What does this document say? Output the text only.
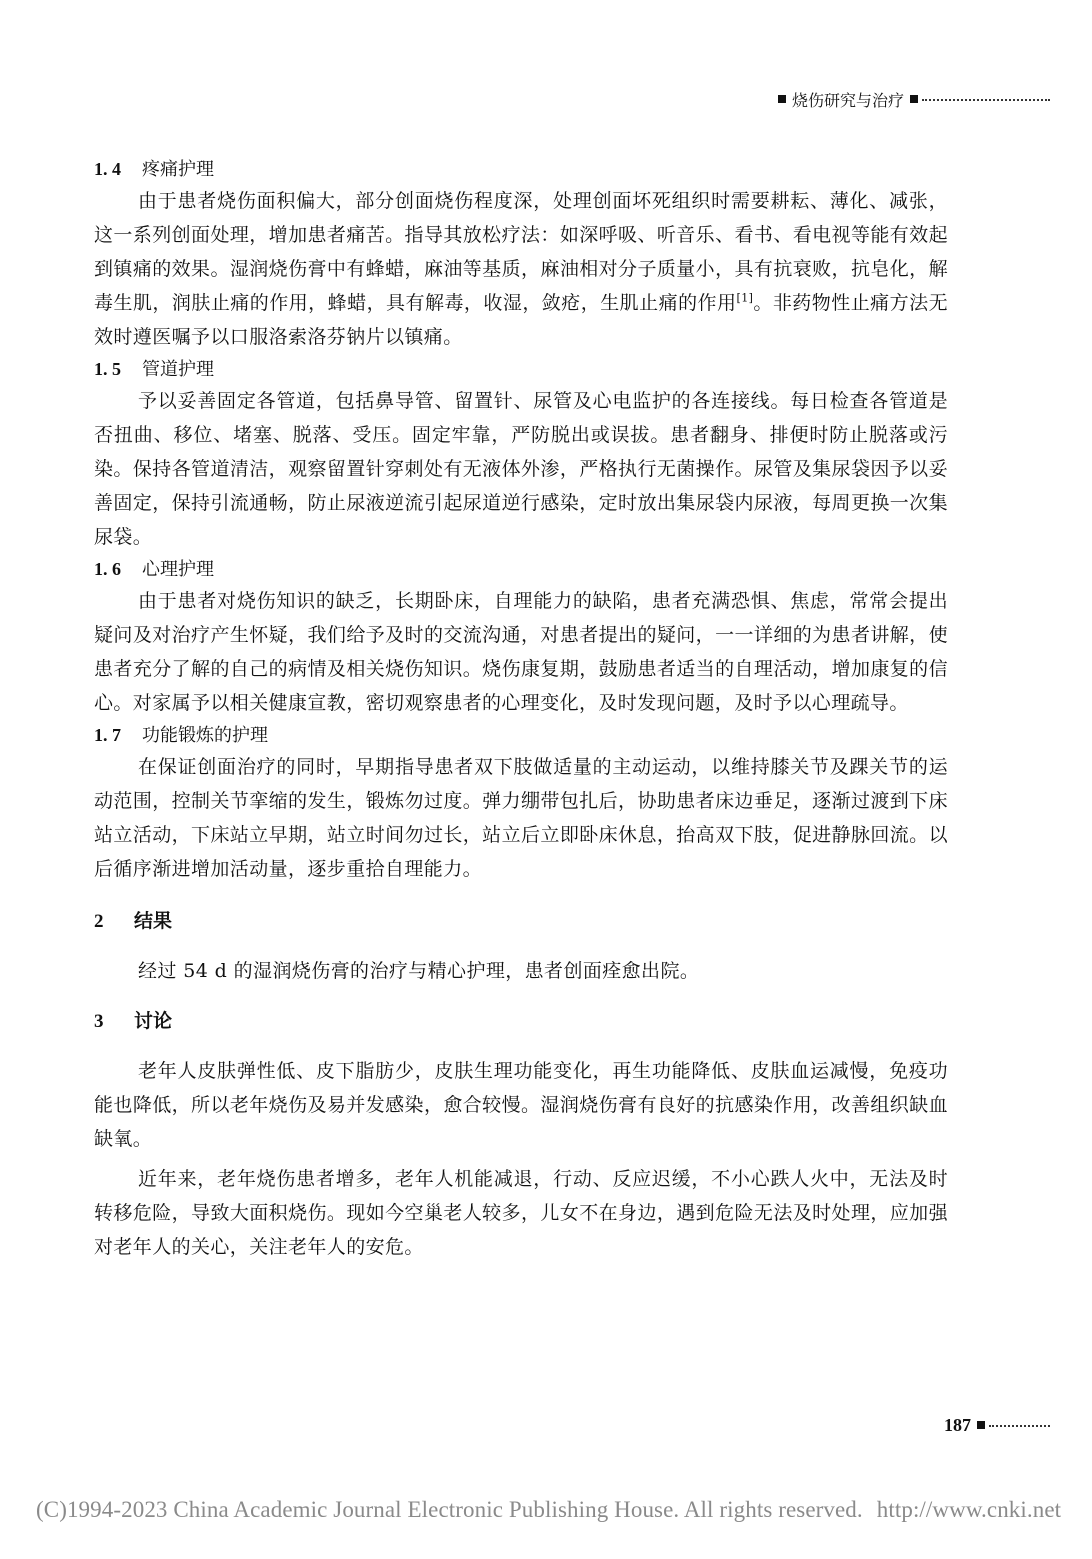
烧伤研究与治疗
1. 4 疼痛护理

由于患者烧伤面积偏大，部分创面烧伤程度深，处理创面坏死组织时需要耕耘、薄化、减张，这一系列创面处理，增加患者痛苦。指导其放松疗法：如深呼吸、听音乐、看书、看电视等能有效起到镇痛的效果。湿润烧伤膏中有蜂蜡，麻油等基质，麻油相对分子质量小，具有抗衰败，抗皂化，解毒生肌，润肤止痛的作用，蜂蜡，具有解毒，收湿，敛疮，生肌止痛的作用[1]。非药物性止痛方法无效时遵医嘱予以口服洛索洛芬钠片以镇痛。

1. 5 管道护理

予以妥善固定各管道，包括鼻导管、留置针、尿管及心电监护的各连接线。每日检查各管道是否扭曲、移位、堵塞、脱落、受压。固定牢靠，严防脱出或误拔。患者翻身、排便时防止脱落或污染。保持各管道清洁，观察留置针穿刺处有无液体外渗，严格执行无菌操作。尿管及集尿袋因予以妥善固定，保持引流通畅，防止尿液逆流引起尿道逆行感染，定时放出集尿袋内尿液，每周更换一次集尿袋。

1. 6 心理护理

由于患者对烧伤知识的缺乏，长期卧床，自理能力的缺陷，患者充满恐惧、焦虑，常常会提出疑问及对治疗产生怀疑，我们给予及时的交流沟通，对患者提出的疑问，一一详细的为患者讲解，使患者充分了解的自己的病情及相关烧伤知识。烧伤康复期，鼓励患者适当的自理活动，增加康复的信心。对家属予以相关健康宣教，密切观察患者的心理变化，及时发现问题，及时予以心理疏导。

1. 7 功能锻炼的护理

在保证创面治疗的同时，早期指导患者双下肢做适量的主动运动，以维持膝关节及踝关节的运动范围，控制关节挛缩的发生，锻炼勿过度。弹力绷带包扎后，协助患者床边垂足，逐渐过渡到下床站立活动，下床站立早期，站立时间勿过长，站立后立即卧床休息，抬高双下肢，促进静脉回流。以后循序渐进增加活动量，逐步重拾自理能力。

2 结果

经过 54 d 的湿润烧伤膏的治疗与精心护理，患者创面痊愈出院。

3 讨论

老年人皮肤弹性低、皮下脂肪少，皮肤生理功能变化，再生功能降低、皮肤血运减慢，免疫功能也降低，所以老年烧伤及易并发感染，愈合较慢。湿润烧伤膏有良好的抗感染作用，改善组织缺血缺氧。

近年来，老年烧伤患者增多，老年人机能减退，行动、反应迟缓，不小心跌人火中，无法及时转移危险，导致大面积烧伤。现如今空巢老人较多，儿女不在身边，遇到危险无法及时处理，应加强对老年人的关心，关注老年人的安危。

187
(C)1994-2023 China Academic Journal Electronic Publishing House. All rights reserved. http://www.cnki.net
